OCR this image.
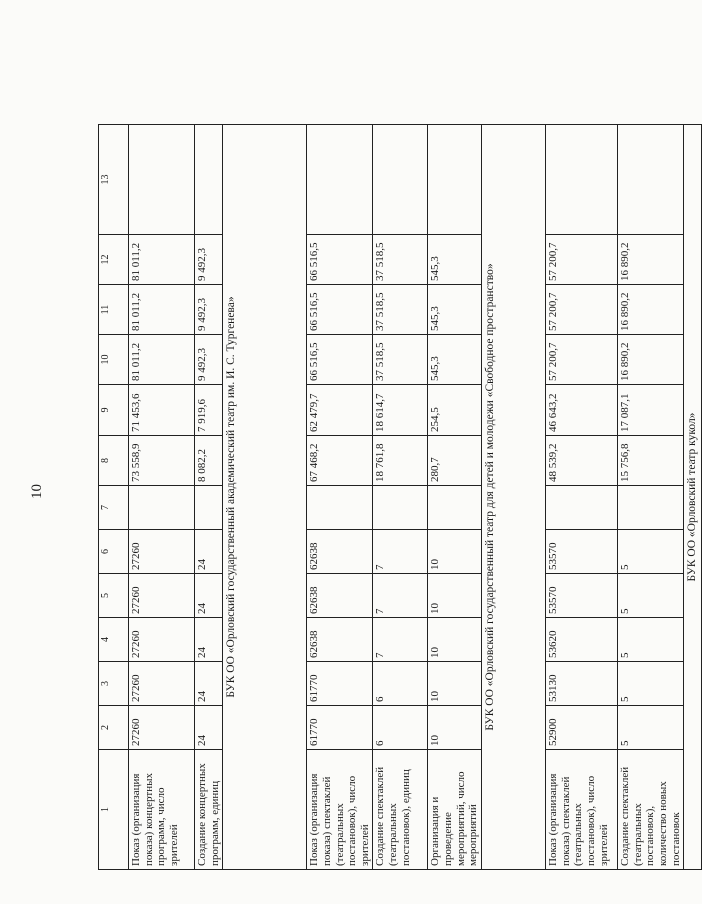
10
1	2	3	4	5	6	7	8	9	10	11	12	13
Показ (организация показа) концертных программ, число зрителей	27260	27260	27260	27260	27260		73 558,9	71 453,6	81 011,2	81 011,2	81 011,2	
Создание концертных программ, единиц	24	24	24	24	24		8 082,2	7 919,6	9 492,3	9 492,3	9 492,3	
БУК ОО «Орловский государственный академический театр им. И. С. Тургенева»												
Показ (организация показа) спектаклей (театральных постановок), число зрителей	61770	61770	62638	62638	62638		67 468,2	62 479,7	66 516,5	66 516,5	66 516,5	
Создание спектаклей (театральных постановок), единиц	6	6	7	7	7		18 761,8	18 614,7	37 518,5	37 518,5	37 518,5	
Организация и проведение мероприятий, число мероприятий	10	10	10	10	10		280,7	254,5	545,3	545,3	545,3	
БУК ОО «Орловский государственный театр для детей и молодежи «Свободное пространство»												
Показ (организация показа) спектаклей (театральных постановок), число зрителей	52900	53130	53620	53570	53570		48 539,2	46 643,2	57 200,7	57 200,7	57 200,7	
Создание спектаклей (театральных постановок), количество новых постановок	5	5	5	5	5		15 756,8	17 087,1	16 890,2	16 890,2	16 890,2	
БУК ОО «Орловский театр кукол»												
